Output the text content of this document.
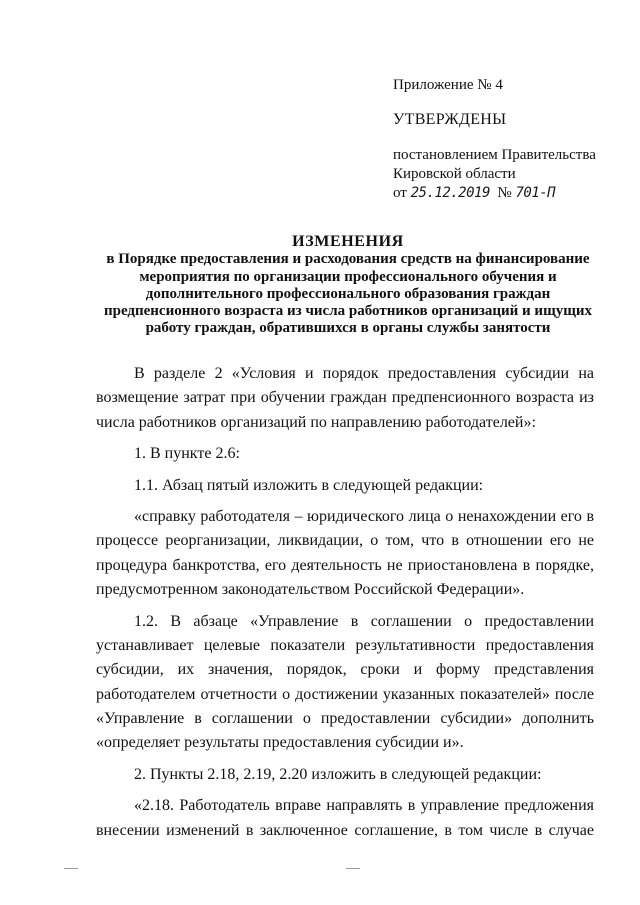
Приложение № 4
УТВЕРЖДЕНЫ
постановлением Правительства
Кировской области
от 25.12.2019 № 701-П
ИЗМЕНЕНИЯ
в Порядке предоставления и расходования средств на финансирование
мероприятия по организации профессионального обучения и
дополнительного профессионального образования граждан
предпенсионного возраста из числа работников организаций и ищущих
работу граждан, обратившихся в органы службы занятости
В разделе 2 «Условия и порядок предоставления субсидии на
возмещение затрат при обучении граждан предпенсионного возраста из
числа работников организаций по направлению работодателей»:
1. В пункте 2.6:
1.1. Абзац пятый изложить в следующей редакции:
«справку работодателя – юридического лица о ненахождении его в
процессе реорганизации, ликвидации, о том, что в отношении его не
процедура банкротства, его деятельность не приостановлена в порядке,
предусмотренном законодательством Российской Федерации».
1.2. В абзаце «Управление в соглашении о предоставлении
устанавливает целевые показатели результативности предоставления
субсидии, их значения, порядок, сроки и форму представления
работодателем отчетности о достижении указанных показателей» после
«Управление в соглашении о предоставлении субсидии» дополнить
«определяет результаты предоставления субсидии и».
2. Пункты 2.18, 2.19, 2.20 изложить в следующей редакции:
«2.18. Работодатель вправе направлять в управление предложения
внесении изменений в заключенное соглашение, в том числе в случае
